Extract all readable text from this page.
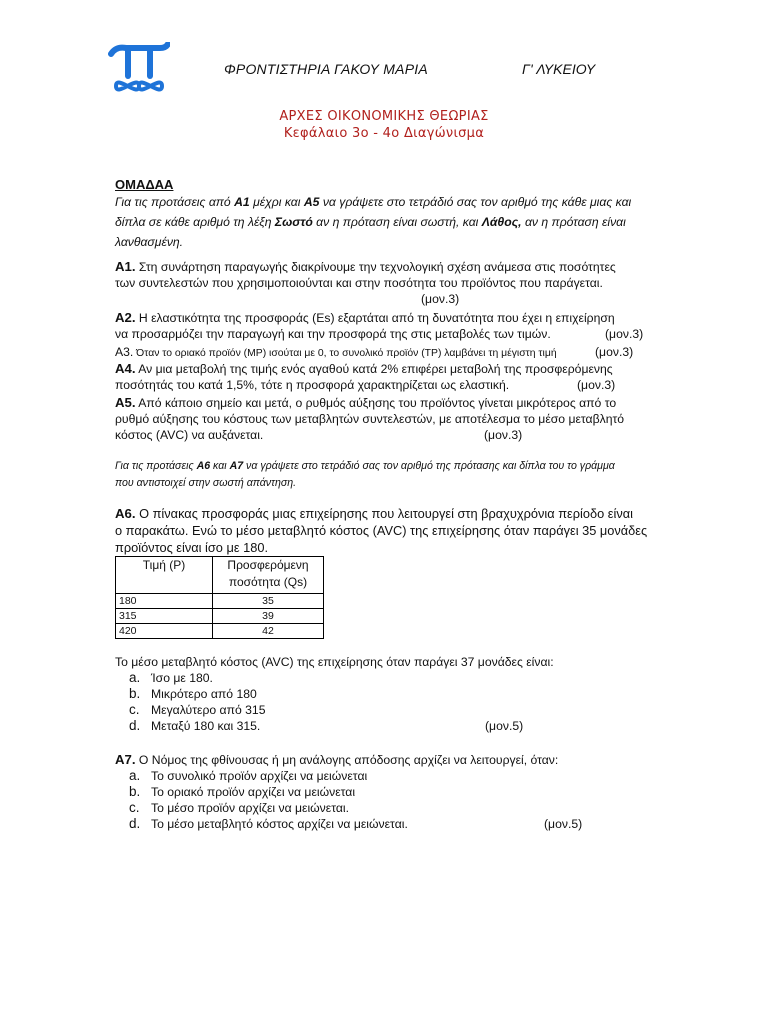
ΦΡΟΝΤΙΣΤΗΡΙΑ ΓΑΚΟΥ ΜΑΡΙΑ	Γ' ΛΥΚΕΙΟΥ
ΑΡΧΕΣ ΟΙΚΟΝΟΜΙΚΗΣ ΘΕΩΡΙΑΣ
Κεφάλαιο 3ο - 4ο Διαγώνισμα
ΟΜΑΔΑΑ
Για τις προτάσεις από Α1 μέχρι και Α5 να γράψετε στο τετράδιό σας τον αριθμό της κάθε μιας και δίπλα σε κάθε αριθμό τη λέξη Σωστό αν η πρόταση είναι σωστή, και Λάθος, αν η πρόταση είναι λανθασμένη.
Α1. Στη συνάρτηση παραγωγής διακρίνουμε την τεχνολογική σχέση ανάμεσα στις ποσότητες
των συντελεστών που χρησιμοποιούνται και στην ποσότητα του προϊόντος που παράγεται.
(μον.3)
Α2. Η ελαστικότητα της προσφοράς (Es) εξαρτάται από τη δυνατότητα που έχει η επιχείρηση
να προσαρμόζει την παραγωγή και την προσφορά της στις μεταβολές των τιμών.	(μον.3)
Α3. Όταν το οριακό προϊόν (ΜΡ) ισούται με 0, το συνολικό προϊόν (ΤΡ) λαμβάνει τη μέγιστη τιμή	(μον.3)
Α4. Αν μια μεταβολή της τιμής ενός αγαθού κατά 2% επιφέρει μεταβολή της προσφερόμενης
ποσότητάς του κατά 1,5%, τότε η προσφορά χαρακτηρίζεται ως ελαστική.	(μον.3)
Α5. Από κάποιο σημείο και μετά, ο ρυθμός αύξησης του προϊόντος γίνεται μικρότερος από το
ρυθμό αύξησης του κόστους των μεταβλητών συντελεστών, με αποτέλεσμα το μέσο μεταβλητό
κόστος (AVC) να αυξάνεται.	(μον.3)
Για τις προτάσεις Α6 και Α7 να γράψετε στο τετράδιό σας τον αριθμό της πρότασης και δίπλα του το γράμμα
που αντιστοιχεί στην σωστή απάντηση.
Α6. Ο πίνακας προσφοράς μιας επιχείρησης που λειτουργεί στη βραχυχρόνια περίοδο είναι
ο παρακάτω. Ενώ το μέσο μεταβλητό κόστος (AVC) της επιχείρησης όταν παράγει 35 μονάδες
προϊόντος είναι ίσο με 180.
Τιμή (Ρ)	Προσφερόμενη
ποσότητα (Qs)
180	35
315	39
420	42
Το μέσο μεταβλητό κόστος (AVC) της επιχείρησης όταν παράγει 37 μονάδες είναι:
a. Ίσο με 180.
b. Μικρότερο από 180
c. Μεγαλύτερο από 315
d. Μεταξύ 180 και 315.	(μον.5)
Α7. Ο Νόμος της φθίνουσας ή μη ανάλογης απόδοσης αρχίζει να λειτουργεί, όταν:
a. Το συνολικό προϊόν αρχίζει να μειώνεται
b. Το οριακό προϊόν αρχίζει να μειώνεται
c. Το μέσο προϊόν αρχίζει να μειώνεται.
d. Το μέσο μεταβλητό κόστος αρχίζει να μειώνεται.	(μον.5)
